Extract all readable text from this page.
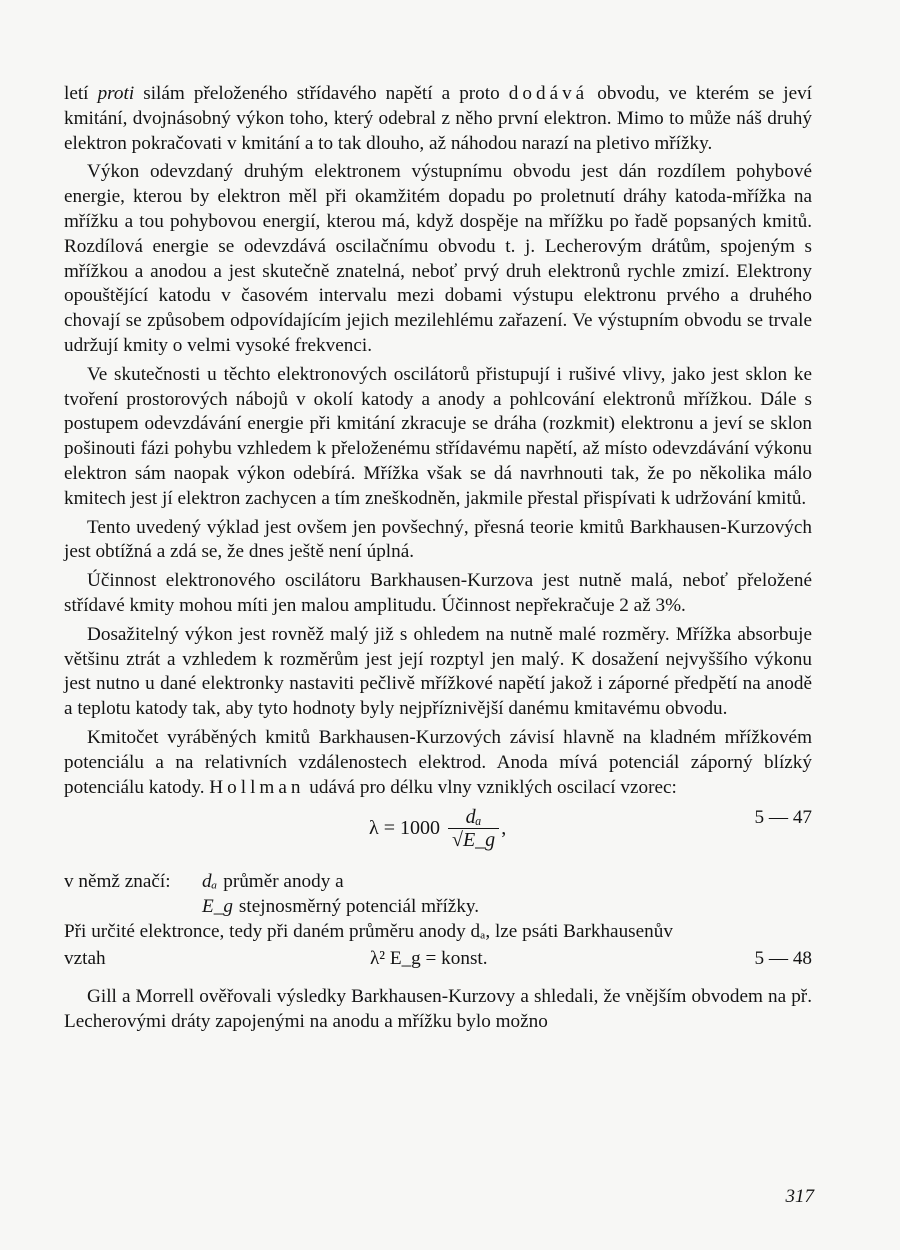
letí proti silám přeloženého střídavého napětí a proto dodává obvodu, ve kterém se jeví kmitání, dvojnásobný výkon toho, který odebral z něho první elektron. Mimo to může náš druhý elektron pokračovati v kmitání a to tak dlouho, až náhodou narazí na pletivo mřížky.

Výkon odevzdaný druhým elektronem výstupnímu obvodu jest dán rozdílem pohybové energie, kterou by elektron měl při okamžitém dopadu po proletnutí dráhy katoda-mřížka na mřížku a tou pohybovou energií, kterou má, když dospěje na mřížku po řadě popsaných kmitů. Rozdílová energie se odevzdává oscilačnímu obvodu t. j. Lecherovým drátům, spojeným s mřížkou a anodou a jest skutečně znatelná, neboť prvý druh elektronů rychle zmizí. Elektrony opouštějící katodu v časovém intervalu mezi dobami výstupu elektronu prvého a druhého chovají se způsobem odpovídajícím jejich mezilehlému zařazení. Ve výstupním obvodu se trvale udržují kmity o velmi vysoké frekvenci.

Ve skutečnosti u těchto elektronových oscilátorů přistupují i rušivé vlivy, jako jest sklon ke tvoření prostorových nábojů v okolí katody a anody a pohlcování elektronů mřížkou. Dále s postupem odevzdávání energie při kmitání zkracuje se dráha (rozkmit) elektronu a jeví se sklon pošinouti fázi pohybu vzhledem k přeloženému střídavému napětí, až místo odevzdávání výkonu elektron sám naopak výkon odebírá. Mřížka však se dá navrhnouti tak, že po několika málo kmitech jest jí elektron zachycen a tím zneškodněn, jakmile přestal přispívati k udržování kmitů.

Tento uvedený výklad jest ovšem jen povšechný, přesná teorie kmitů Barkhausen-Kurzových jest obtížná a zdá se, že dnes ještě není úplná.

Účinnost elektronového oscilátoru Barkhausen-Kurzova jest nutně malá, neboť přeložené střídavé kmity mohou míti jen malou amplitudu. Účinnost nepřekračuje 2 až 3%.

Dosažitelný výkon jest rovněž malý již s ohledem na nutně malé rozměry. Mřížka absorbuje většinu ztrát a vzhledem k rozměrům jest její rozptyl jen malý. K dosažení nejvyššího výkonu jest nutno u dané elektronky nastaviti pečlivě mřížkové napětí jakož i záporné předpětí na anodě a teplotu katody tak, aby tyto hodnoty byly nejpříznivější danému kmitavému obvodu.

Kmitočet vyráběných kmitů Barkhausen-Kurzových závisí hlavně na kladném mřížkovém potenciálu a na relativních vzdálenostech elektrod. Anoda mívá potenciál záporný blízký potenciálu katody. Hollman udává pro délku vlny vzniklých oscilací vzorec:

$\lambda = 1000 \frac{\text{dₐ}}{√E\_g}$ ,	5 — 47
v němž značí:	dₐ průměr anody a
E_g stejnosměrný potenciál mřížky.

Při určité elektronce, tedy při daném průměru anody dₐ, lze psáti Barkhausenův

vztah	λ² E_g = konst.	5 — 48

Gill a Morrell ověřovali výsledky Barkhausen-Kurzovy a shledali, že vnějším obvodem na př. Lecherovými dráty zapojenými na anodu a mřížku bylo možno

317
